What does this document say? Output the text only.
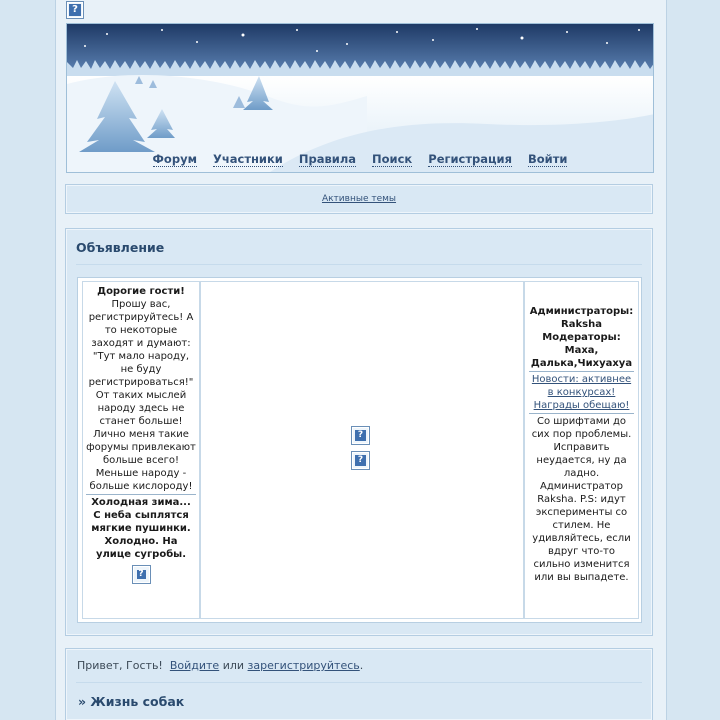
?
Форум Участники Правила Поиск Регистрация Войти
Активные темы
Объявление
Дорогие гости!
Прошу вас, регистрируйтесь! А то некоторые заходят и думают: "Тут мало народу, не буду регистрироваться!" От таких мыслей народу здесь не станет больше! Лично меня такие форумы привлекают больше всего! Меньше народу - больше кислороду!
Холодная зима... С неба сыплятся мягкие пушинки. Холодно. На улице сугробы.
?
?
?
Администраторы: Raksha Модераторы: Маха, Далька,Чихуахуа
Новости: активнее в конкурсах! Награды обещаю!
Со шрифтами до сих пор проблемы. Исправить неудается, ну да ладно. Администратор Raksha. P.S: идут эксперименты со стилем. Не удивляйтесь, если вдруг что-то сильно изменится или вы выпадете.
Привет, Гость! Войдите или зарегистрируйтесь.
» Жизнь собак
